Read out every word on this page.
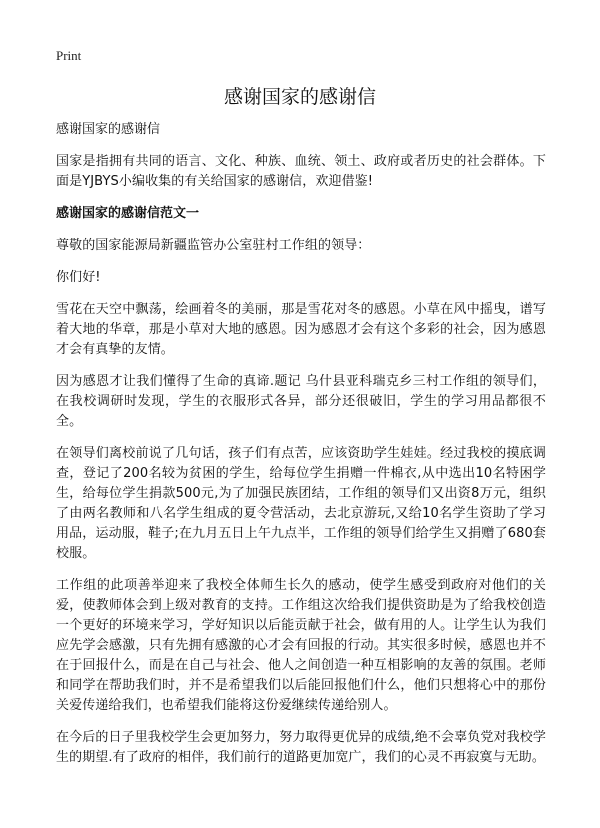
Print
感谢国家的感谢信

感谢国家的感谢信

国家是指拥有共同的语言、文化、种族、血统、领土、政府或者历史的社会群体。下面是YJBYS小编收集的有关给国家的感谢信，欢迎借鉴!

感谢国家的感谢信范文一

尊敬的国家能源局新疆监管办公室驻村工作组的领导：

你们好!

雪花在天空中飘荡，绘画着冬的美丽，那是雪花对冬的感恩。小草在风中摇曳，谱写着大地的华章，那是小草对大地的感恩。因为感恩才会有这个多彩的社会，因为感恩才会有真挚的友情。

因为感恩才让我们懂得了生命的真谛.题记 乌什县亚科瑞克乡三村工作组的领导们，在我校调研时发现，学生的衣服形式各异，部分还很破旧，学生的学习用品都很不全。

在领导们离校前说了几句话，孩子们有点苦，应该资助学生娃娃。经过我校的摸底调查，登记了200名较为贫困的学生，给每位学生捐赠一件棉衣,从中选出10名特困学生，给每位学生捐款500元,为了加强民族团结，工作组的领导们又出资8万元，组织了由两名教师和八名学生组成的夏令营活动，去北京游玩,又给10名学生资助了学习用品，运动服，鞋子;在九月五日上午九点半，工作组的领导们给学生又捐赠了680套校服。

工作组的此项善举迎来了我校全体师生长久的感动，使学生感受到政府对他们的关爱，使教师体会到上级对教育的支持。工作组这次给我们提供资助是为了给我校创造一个更好的环境来学习，学好知识以后能贡献于社会，做有用的人。让学生认为我们应先学会感激，只有先拥有感激的心才会有回报的行动。其实很多时候，感恩也并不在于回报什么，而是在自己与社会、他人之间创造一种互相影响的友善的氛围。老师和同学在帮助我们时，并不是希望我们以后能回报他们什么，他们只想将心中的那份关爱传递给我们，也希望我们能将这份爱继续传递给别人。

在今后的日子里我校学生会更加努力，努力取得更优异的成绩,绝不会辜负党对我校学生的期望.有了政府的相伴，我们前行的道路更加宽广，我们的心灵不再寂寞与无助。
